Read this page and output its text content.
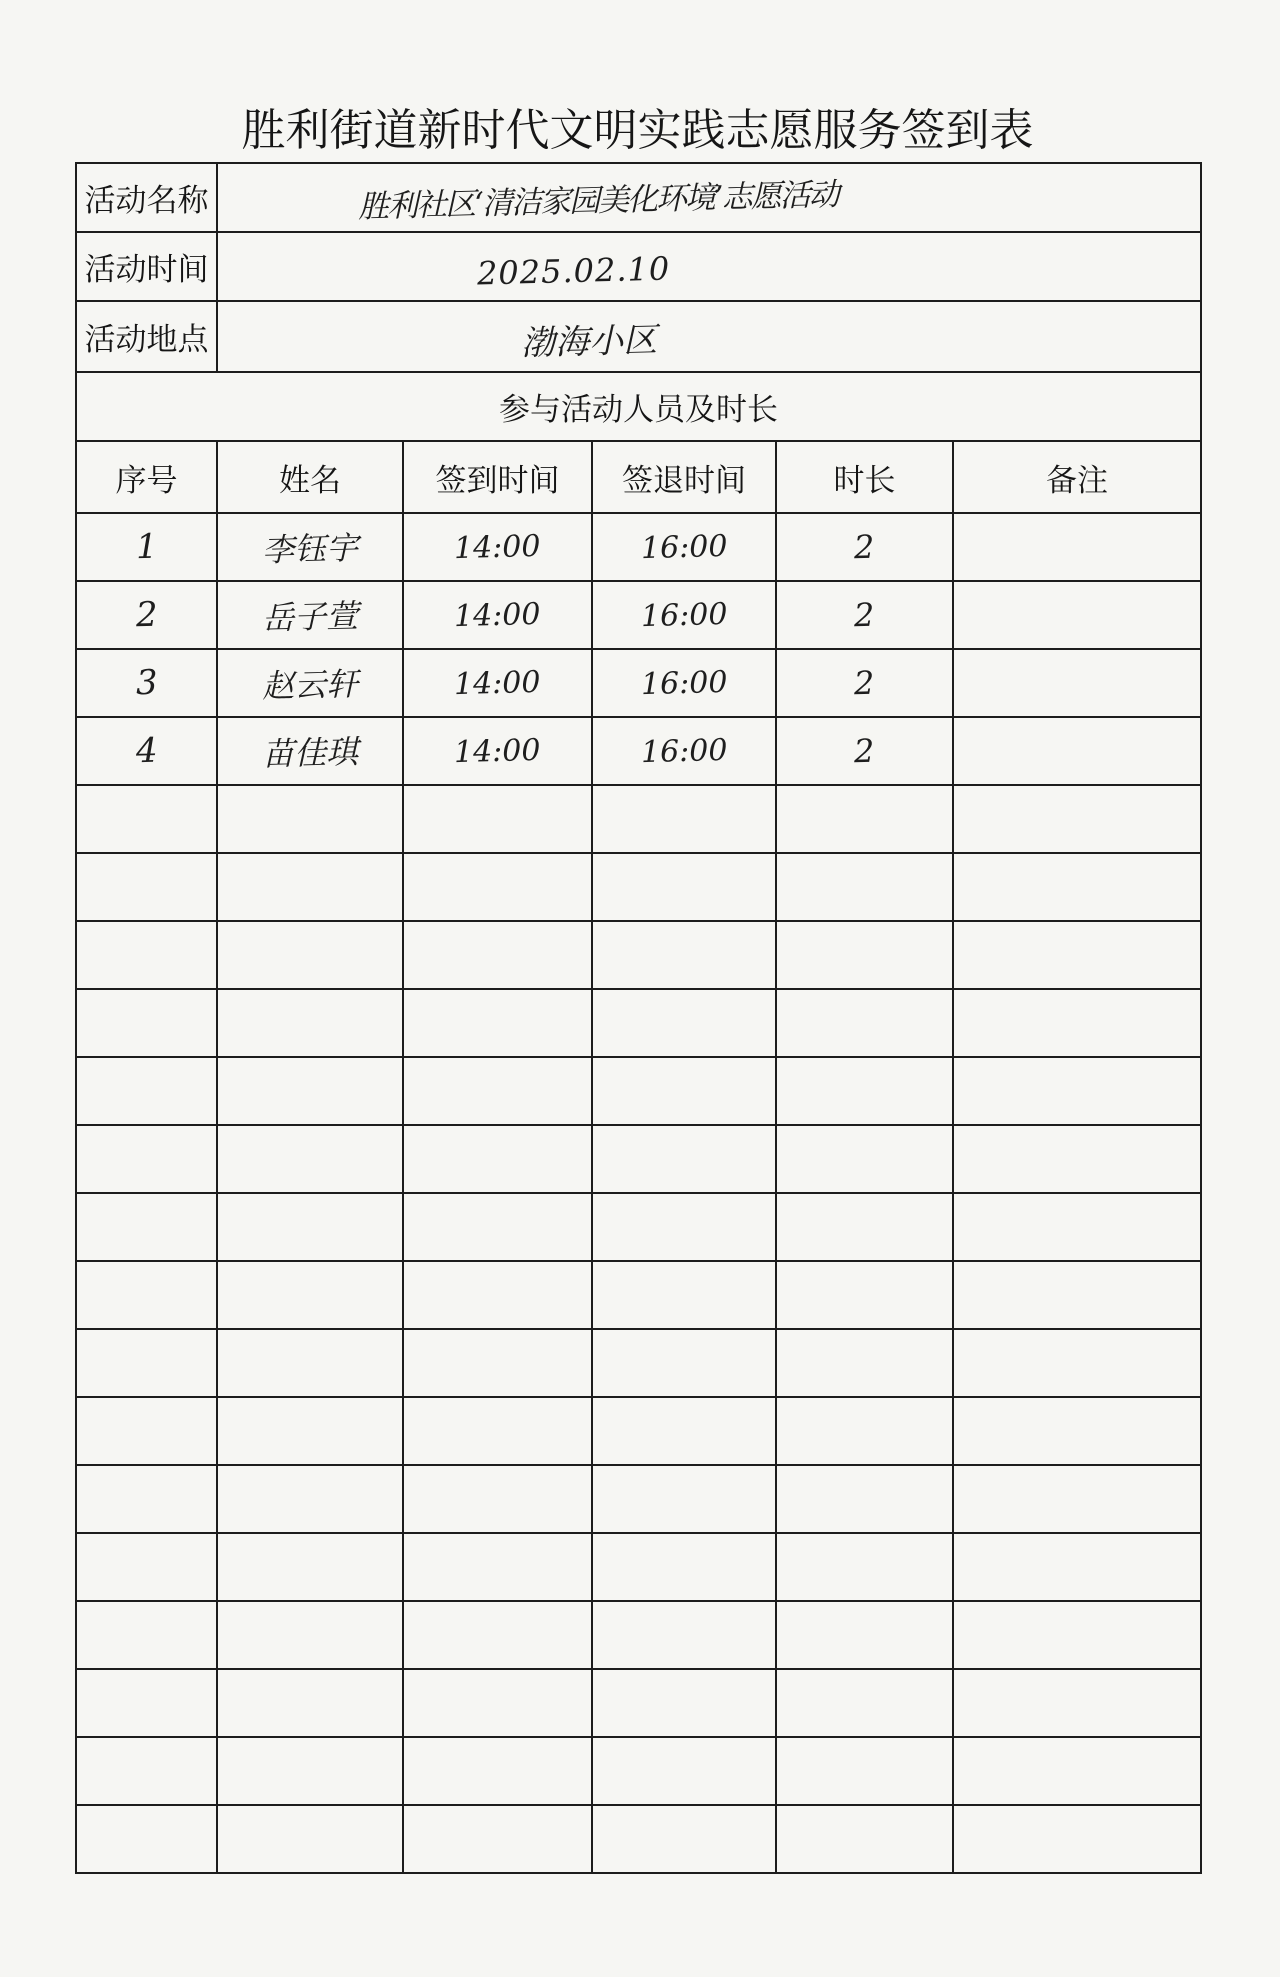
胜利街道新时代文明实践志愿服务签到表
活动名称	胜利社区‘清洁家园美化环境’志愿活动				
活动时间	2025.02.10				
活动地点	渤海小区				
参与活动人员及时长					
序号	姓名	签到时间	签退时间	时长	备注
1	李钰宇	14:00	16:00	2	
2	岳子萱	14:00	16:00	2	
3	赵云轩	14:00	16:00	2	
4	苗佳琪	14:00	16:00	2	
